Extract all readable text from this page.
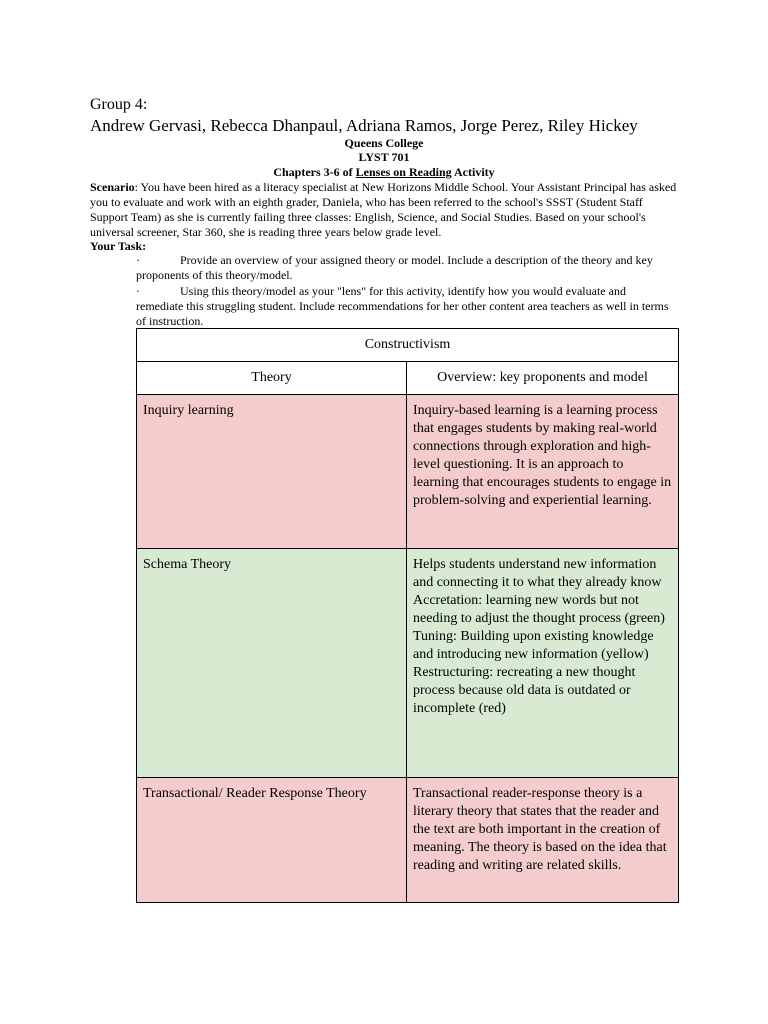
Group 4:
Andrew Gervasi, Rebecca Dhanpaul, Adriana Ramos, Jorge Perez, Riley Hickey
Queens College
LYST 701
Chapters 3-6 of Lenses on Reading Activity
Scenario: You have been hired as a literacy specialist at New Horizons Middle School. Your Assistant Principal has asked you to evaluate and work with an eighth grader, Daniela, who has been referred to the school's SSST (Student Staff Support Team) as she is currently failing three classes: English, Science, and Social Studies. Based on your school's universal screener, Star 360, she is reading three years below grade level.
Your Task:
·	Provide an overview of your assigned theory or model. Include a description of the theory and key proponents of this theory/model.
·	Using this theory/model as your "lens" for this activity, identify how you would evaluate and remediate this struggling student. Include recommendations for her other content area teachers as well in terms of instruction.
Constructivism	
Theory	Overview: key proponents and model

Inquiry learning	Inquiry-based learning is a learning process that engages students by making real-world connections through exploration and high-level questioning. It is an approach to learning that encourages students to engage in problem-solving and experiential learning.

Schema Theory	Helps students understand new information and connecting it to what they already know
Accretation: learning new words but not needing to adjust the thought process (green)
Tuning: Building upon existing knowledge and introducing new information (yellow)
Restructuring: recreating a new thought process because old data is outdated or incomplete (red)

Transactional/ Reader Response Theory	Transactional reader-response theory is a literary theory that states that the reader and the text are both important in the creation of meaning. The theory is based on the idea that reading and writing are related skills.
